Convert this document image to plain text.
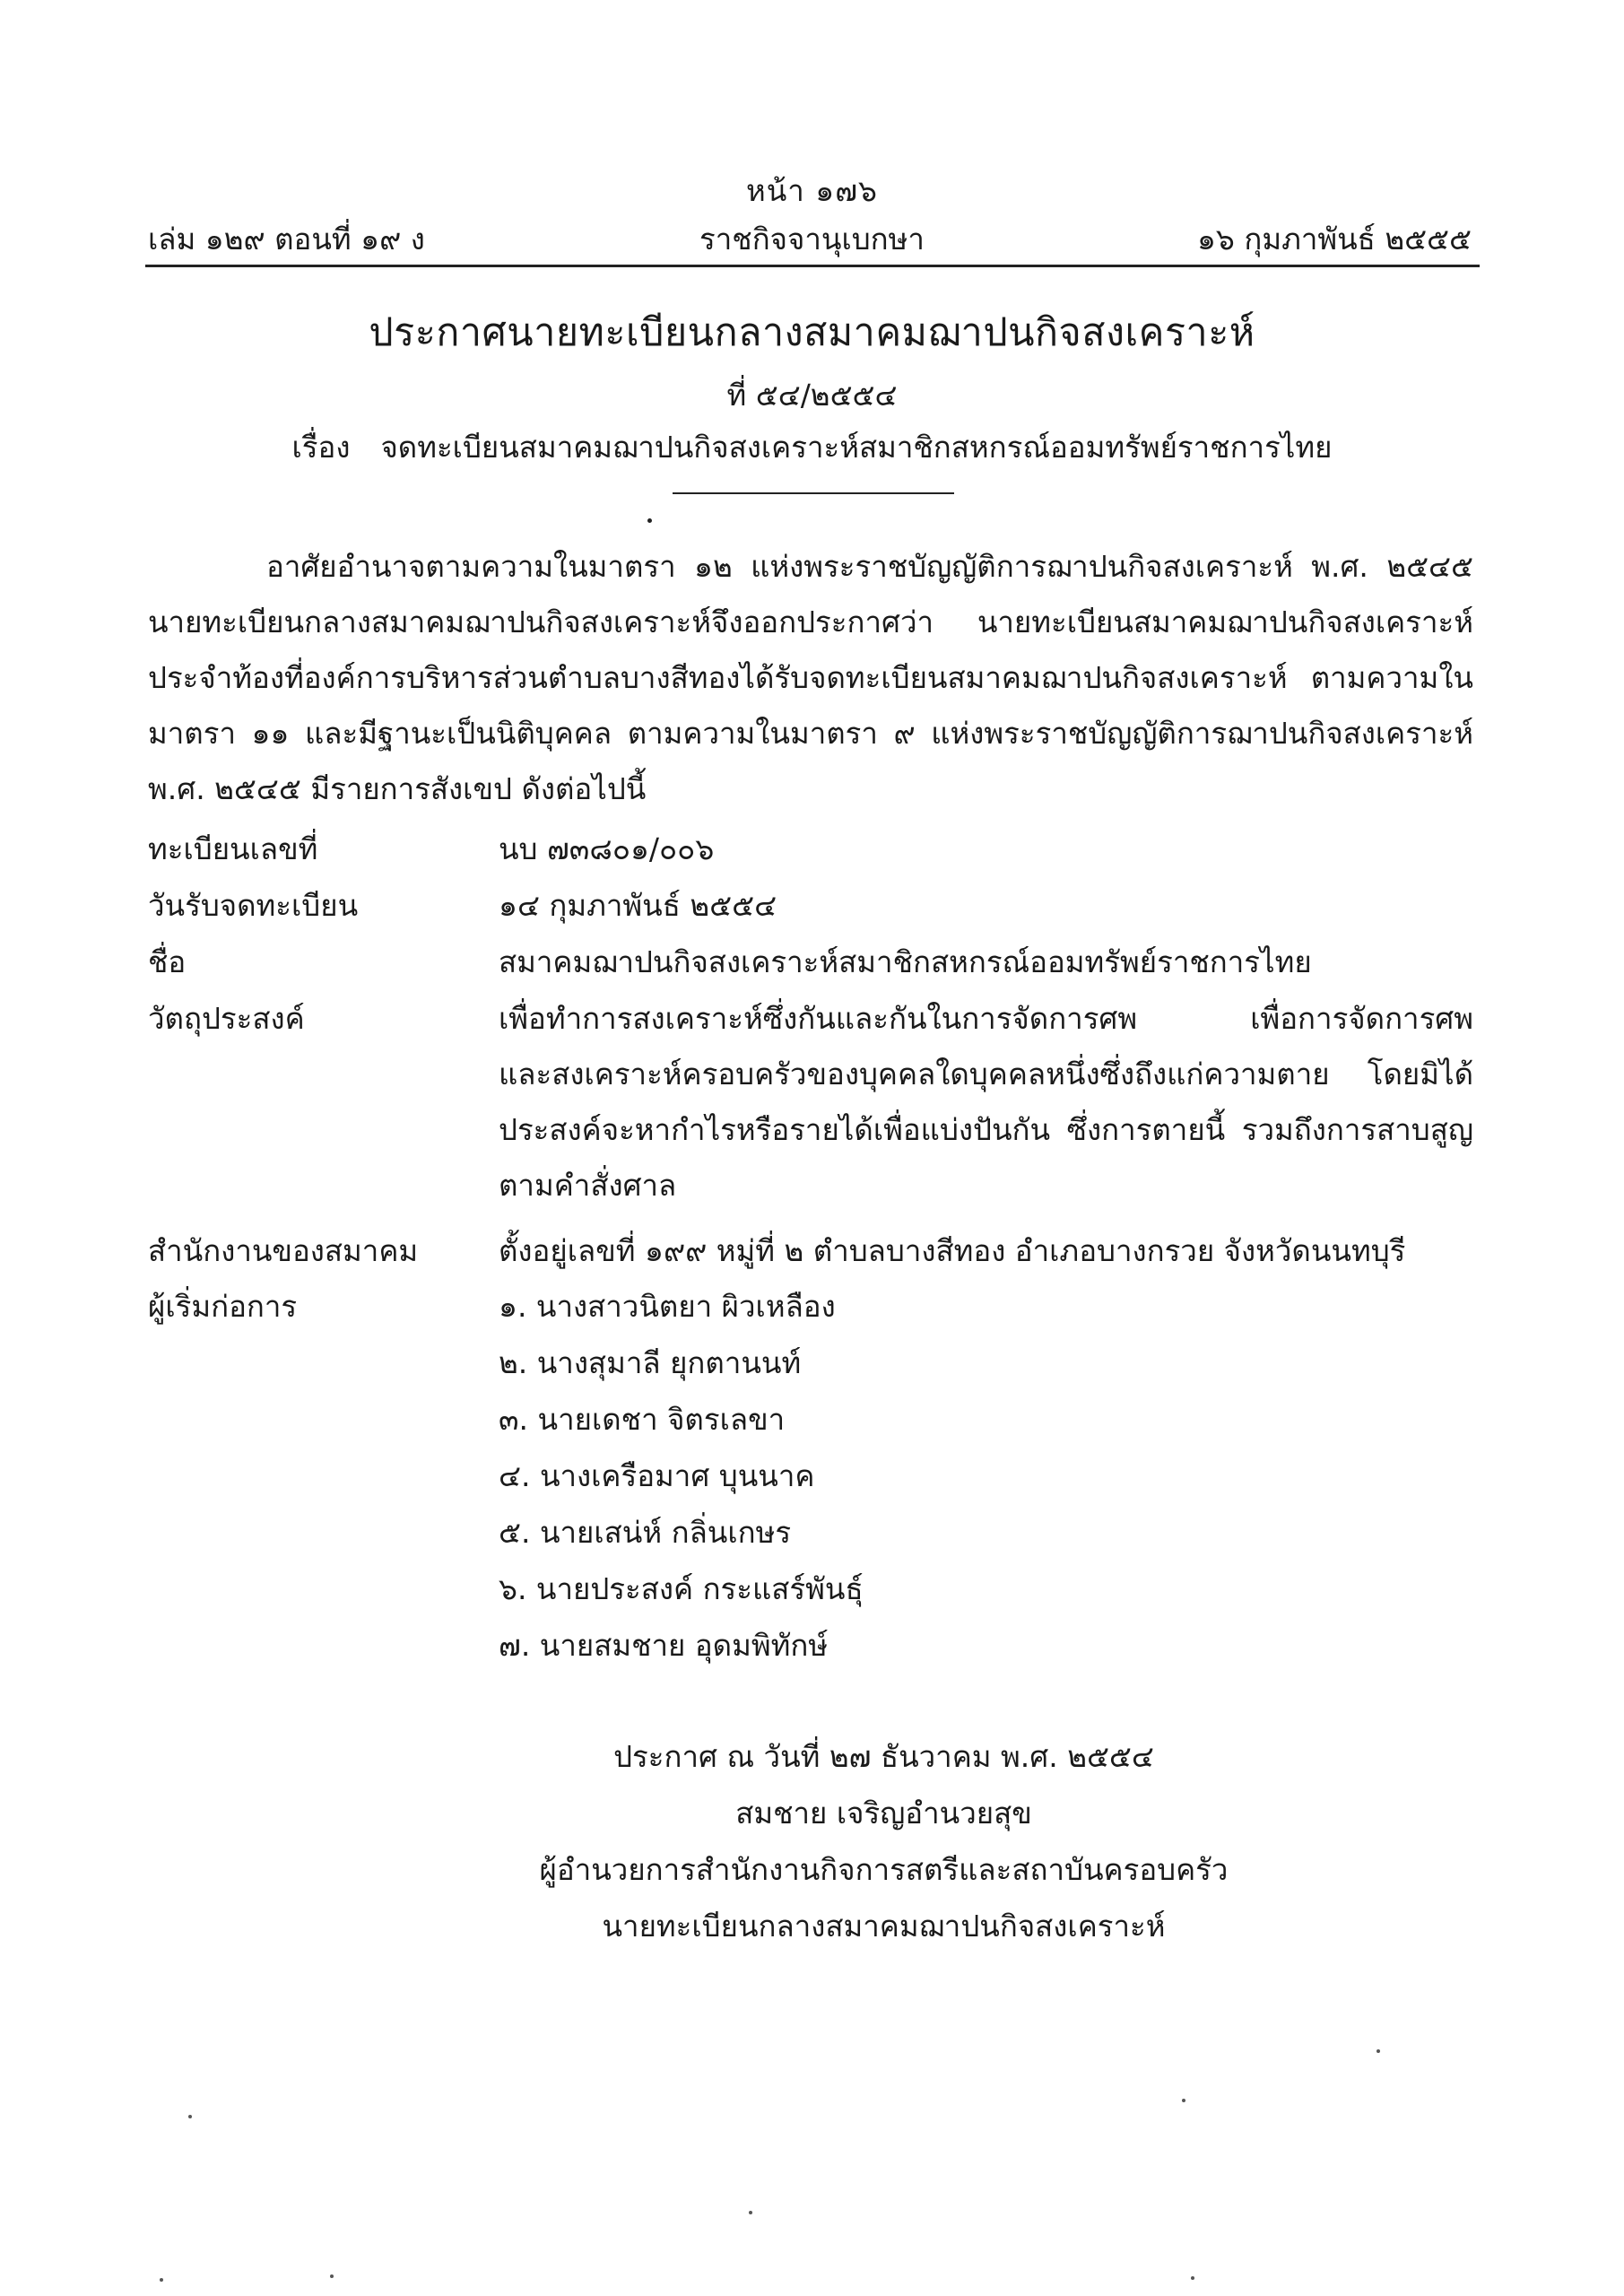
หน้า ๑๗๖
เล่ม ๑๒๙ ตอนที่ ๑๙ ง	ราชกิจจานุเบกษา	๑๖ กุมภาพันธ์ ๒๕๕๕
ประกาศนายทะเบียนกลางสมาคมฌาปนกิจสงเคราะห์
ที่ ๕๔/๒๕๕๔
เรื่อง จดทะเบียนสมาคมฌาปนกิจสงเคราะห์สมาชิกสหกรณ์ออมทรัพย์ราชการไทย
อาศัยอำนาจตามความในมาตรา ๑๒ แห่งพระราชบัญญัติการฌาปนกิจสงเคราะห์ พ.ศ. ๒๕๔๕
นายทะเบียนกลางสมาคมฌาปนกิจสงเคราะห์จึงออกประกาศว่า นายทะเบียนสมาคมฌาปนกิจสงเคราะห์
ประจำท้องที่องค์การบริหารส่วนตำบลบางสีทองได้รับจดทะเบียนสมาคมฌาปนกิจสงเคราะห์ ตามความใน
มาตรา ๑๑ และมีฐานะเป็นนิติบุคคล ตามความในมาตรา ๙ แห่งพระราชบัญญัติการฌาปนกิจสงเคราะห์
พ.ศ. ๒๕๔๕ มีรายการสังเขป ดังต่อไปนี้
ทะเบียนเลขที่	นบ ๗๓๘๐๑/๐๐๖
วันรับจดทะเบียน	๑๔ กุมภาพันธ์ ๒๕๕๔
ชื่อ	สมาคมฌาปนกิจสงเคราะห์สมาชิกสหกรณ์ออมทรัพย์ราชการไทย
วัตถุประสงค์	เพื่อทำการสงเคราะห์ซึ่งกันและกันในการจัดการศพ เพื่อการจัดการศพ
และสงเคราะห์ครอบครัวของบุคคลใดบุคคลหนึ่งซึ่งถึงแก่ความตาย โดยมิได้
ประสงค์จะหากำไรหรือรายได้เพื่อแบ่งปันกัน ซึ่งการตายนี้ รวมถึงการสาบสูญ
ตามคำสั่งศาล
สำนักงานของสมาคม	ตั้งอยู่เลขที่ ๑๙๙ หมู่ที่ ๒ ตำบลบางสีทอง อำเภอบางกรวย จังหวัดนนทบุรี
ผู้เริ่มก่อการ	๑. นางสาวนิตยา ผิวเหลือง
๒. นางสุมาลี ยุกตานนท์
๓. นายเดชา จิตรเลขา
๔. นางเครือมาศ บุนนาค
๕. นายเสน่ห์ กลิ่นเกษร
๖. นายประสงค์ กระแสร์พันธุ์
๗. นายสมชาย อุดมพิทักษ์
ประกาศ ณ วันที่ ๒๗ ธันวาคม พ.ศ. ๒๕๕๔
สมชาย เจริญอำนวยสุข
ผู้อำนวยการสำนักงานกิจการสตรีและสถาบันครอบครัว
นายทะเบียนกลางสมาคมฌาปนกิจสงเคราะห์
